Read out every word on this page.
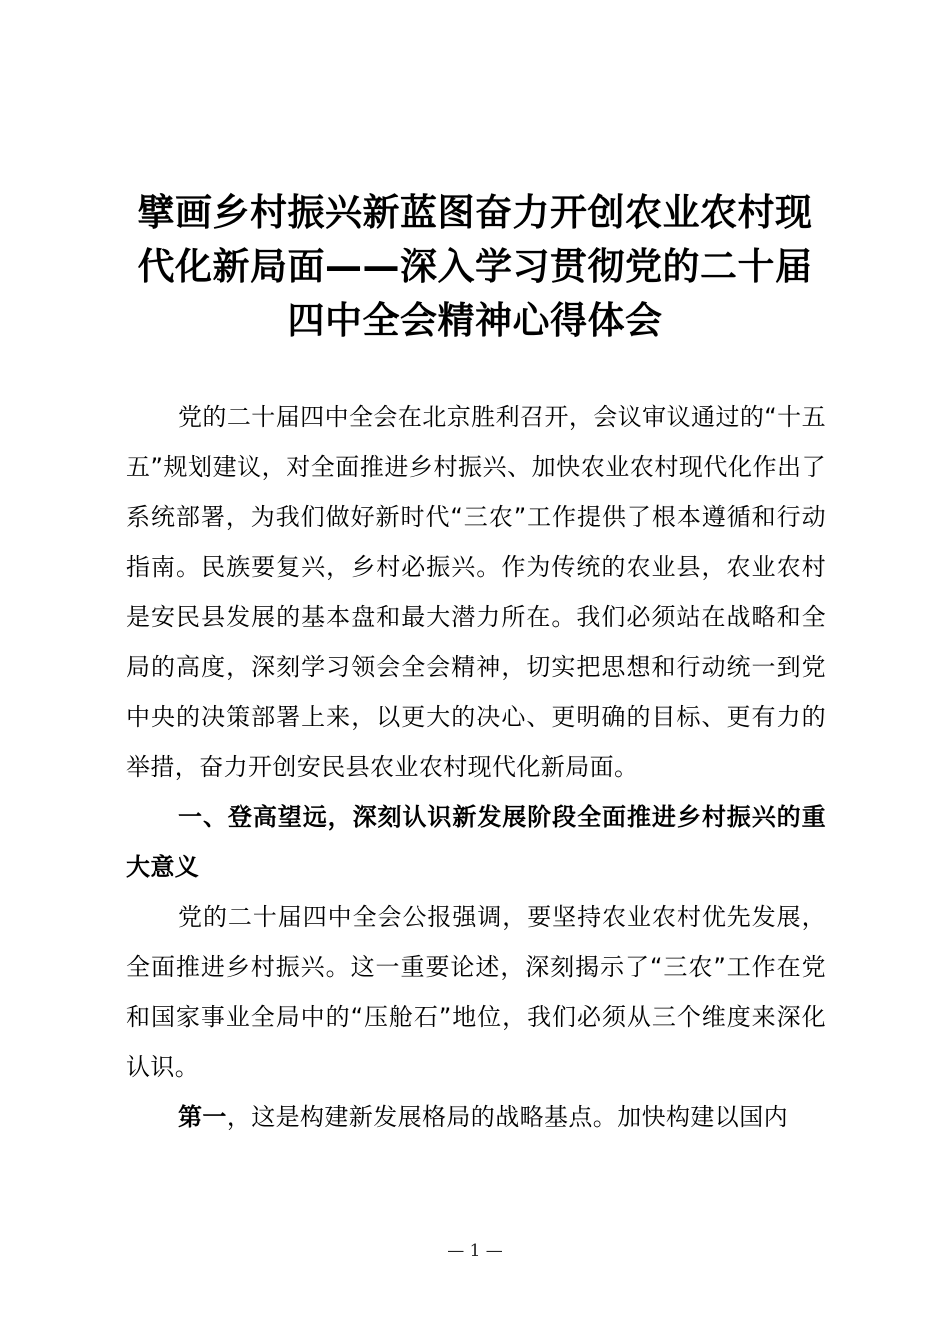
擘画乡村振兴新蓝图奋力开创农业农村现
代化新局面——深入学习贯彻党的二十届
四中全会精神心得体会

党的二十届四中全会在北京胜利召开，会议审议通过的“十五五”规划建议，对全面推进乡村振兴、加快农业农村现代化作出了系统部署，为我们做好新时代“三农”工作提供了根本遵循和行动指南。民族要复兴，乡村必振兴。作为传统的农业县，农业农村是安民县发展的基本盘和最大潜力所在。我们必须站在战略和全局的高度，深刻学习领会全会精神，切实把思想和行动统一到党中央的决策部署上来，以更大的决心、更明确的目标、更有力的举措，奋力开创安民县农业农村现代化新局面。

一、登高望远，深刻认识新发展阶段全面推进乡村振兴的重大意义

党的二十届四中全会公报强调，要坚持农业农村优先发展，全面推进乡村振兴。这一重要论述，深刻揭示了“三农”工作在党和国家事业全局中的“压舱石”地位，我们必须从三个维度来深化认识。

第一，这是构建新发展格局的战略基点。加快构建以国内

— 1 —
